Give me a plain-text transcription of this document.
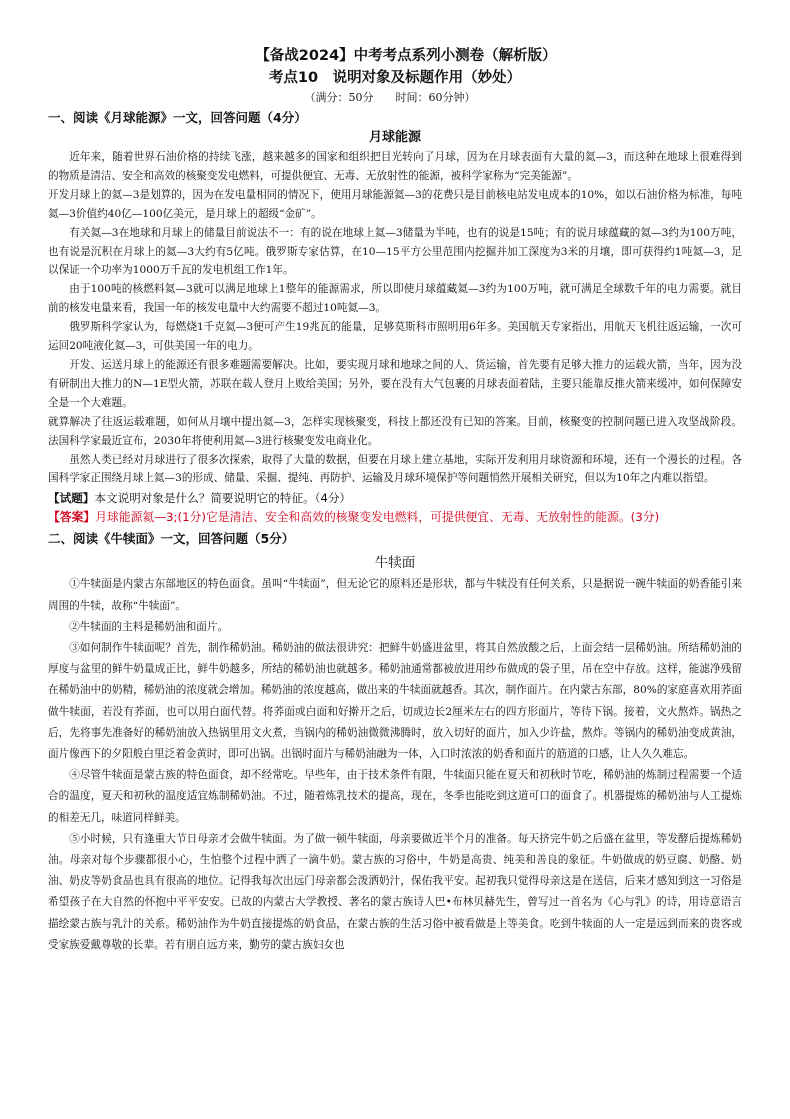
【备战2024】中考考点系列小测卷（解析版）
考点10　说明对象及标题作用（妙处）
（满分：50分　　时间：60分钟）
一、阅读《月球能源》一文，回答问题（4分）
月球能源

近年来，随着世界石油价格的持续飞涨，越来越多的国家和组织把目光转向了月球，因为在月球表面有大量的氦—3，而这种在地球上很难得到的物质是清洁、安全和高效的核聚变发电燃料，可提供便宜、无毒、无放射性的能源，被科学家称为“完美能源”。

开发月球上的氦—3是划算的，因为在发电量相同的情况下，使用月球能源氦—3的花费只是目前核电站发电成本的10%，如以石油价格为标准，每吨氦—3价值约40亿—100亿美元，是月球上的超级“金矿”。

有关氦—3在地球和月球上的储量目前说法不一：有的说在地球上氦—3储量为半吨，也有的说是15吨；有的说月球蕴藏的氦—3约为100万吨，也有说是沉积在月球上的氦—3大约有5亿吨。俄罗斯专家估算，在10—15平方公里范围内挖掘并加工深度为3米的月壤，即可获得约1吨氦—3，足以保证一个功率为1000万千瓦的发电机组工作1年。

由于100吨的核燃料氦—3就可以满足地球上1整年的能源需求，所以即使月球蕴藏氦—3约为100万吨，就可满足全球数千年的电力需要。就目前的核发电量来看，我国一年的核发电量中大约需要不超过10吨氦—3。

俄罗斯科学家认为，每燃烧1千克氦—3便可产生19兆瓦的能量，足够莫斯科市照明用6年多。美国航天专家指出，用航天飞机往返运输，一次可运回20吨液化氦—3，可供美国一年的电力。

开发、运送月球上的能源还有很多难题需要解决。比如，要实现月球和地球之间的人、货运输，首先要有足够大推力的运载火箭，当年，因为没有研制出大推力的N—1E型火箭，苏联在载人登月上败给美国；另外，要在没有大气包裹的月球表面着陆，主要只能靠反推火箭来缓冲，如何保障安全是一个大难题。

就算解决了往返运载难题，如何从月壤中提出氦—3，怎样实现核聚变，科技上都还没有已知的答案。目前，核聚变的控制问题已进入攻坚战阶段。法国科学家最近宣布，2030年将使利用氦—3进行核聚变发电商业化。

虽然人类已经对月球进行了很多次探索，取得了大量的数据，但要在月球上建立基地，实际开发利用月球资源和环境，还有一个漫长的过程。各国科学家正围绕月球上氦—3的形成、储量、采掘、提纯、再防护、运输及月球环境保护等问题悄然开展相关研究，但以为10年之内难以指望。

【试题】本文说明对象是什么？简要说明它的特征。（4分）
【答案】月球能源氦—3;(1分)它是清洁、安全和高效的核聚变发电燃料，可提供便宜、无毒、无放射性的能源。(3分)
二、阅读《牛犊面》一文，回答问题（5分）
牛犊面

①牛犊面是内蒙古东部地区的特色面食。虽叫“牛犊面”，但无论它的原料还是形状，都与牛犊没有任何关系，只是据说一碗牛犊面的奶香能引来周围的牛犊，故称“牛犊面”。

②牛犊面的主料是稀奶油和面片。

③如何制作牛犊面呢？首先，制作稀奶油。稀奶油的做法很讲究：把鲜牛奶盛进盆里，将其自然放酸之后，上面会结一层稀奶油。所结稀奶油的厚度与盆里的鲜牛奶量成正比，鲜牛奶越多，所结的稀奶油也就越多。稀奶油通常都被放进用纱布做成的袋子里，吊在空中存放。这样，能滤净残留在稀奶油中的奶精，稀奶油的浓度就会增加。稀奶油的浓度越高，做出来的牛犊面就越香。其次，制作面片。在内蒙古东部，80%的家庭喜欢用荞面做牛犊面，若没有荞面，也可以用白面代替。将荞面或白面和好擀开之后，切成边长2厘米左右的四方形面片，等待下锅。接着，文火熬炸。锅热之后，先将事先准备好的稀奶油放入热锅里用文火煮，当锅内的稀奶油微微沸腾时，放入切好的面片，加入少许盐，熬炸。等锅内的稀奶油变成黄油，面片像西下的夕阳般白里泛着金黄时，即可出锅。出锅时面片与稀奶油融为一体，入口时浓浓的奶香和面片的筋道的口感，让人久久难忘。

④尽管牛犊面是蒙古族的特色面食，却不经常吃。早些年，由于技术条件有限，牛犊面只能在夏天和初秋时节吃，稀奶油的炼制过程需要一个适合的温度，夏天和初秋的温度适宜炼制稀奶油。不过，随着炼乳技术的提高，现在，冬季也能吃到这道可口的面食了。机器提炼的稀奶油与人工提炼的相差无几，味道同样鲜美。

⑤小时候，只有逢重大节日母亲才会做牛犊面。为了做一顿牛犊面，母亲要做近半个月的准备。每天挤完牛奶之后盛在盆里，等发酵后提炼稀奶油。母亲对每个步骤都很小心，生怕整个过程中洒了一滴牛奶。蒙古族的习俗中，牛奶是高贵、纯美和善良的象征。牛奶做成的奶豆腐、奶酪、奶油、奶皮等奶食品也具有很高的地位。记得我每次出远门母亲都会泼洒奶汁，保佑我平安。起初我只觉得母亲这是在送信，后来才感知到这一习俗是希望孩子在大自然的怀抱中平平安安。已故的内蒙古大学教授、著名的蒙古族诗人巴•布林贝赫先生，曾写过一首名为《心与乳》的诗，用诗意语言描绘蒙古族与乳汁的关系。稀奶油作为牛奶直接提炼的奶食品，在蒙古族的生活习俗中被看做是上等美食。吃到牛犊面的人一定是远到而来的贵客或受家族爱戴尊敬的长辈。若有朋自远方来，勤劳的蒙古族妇女也
